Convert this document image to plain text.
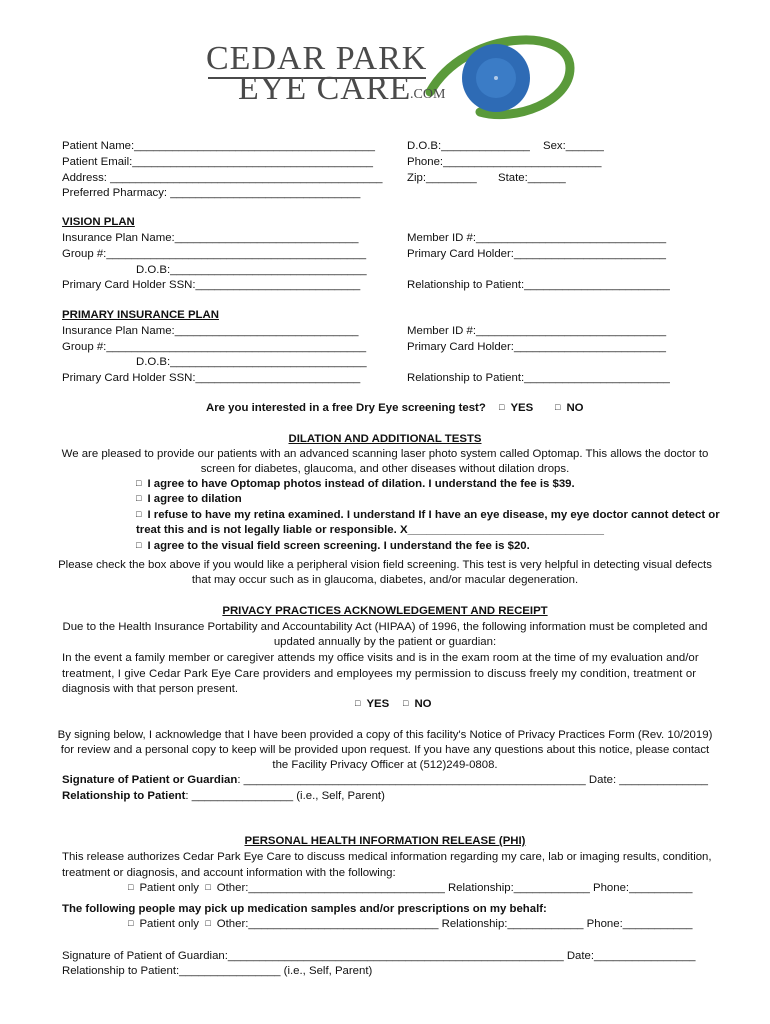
CEDAR PARK
EYE CARE
.COM
Patient Name:______________________________________
Patient Email:______________________________________
Address: ___________________________________________
Preferred Pharmacy: ______________________________
D.O.B:______________ Sex:______
Phone:_________________________
Zip:________ State:______
VISION PLAN
Insurance Plan Name:_____________________________
Group #:_________________________________________
D.O.B:_______________________________
Primary Card Holder SSN:__________________________
Member ID #:______________________________
Primary Card Holder:________________________
Relationship to Patient:_______________________
PRIMARY INSURANCE PLAN
Insurance Plan Name:_____________________________
Group #:_________________________________________
D.O.B:_______________________________
Primary Card Holder SSN:__________________________
Member ID #:______________________________
Primary Card Holder:________________________
Relationship to Patient:_______________________
Are you interested in a free Dry Eye screening test? □ YES □ NO
DILATION AND ADDITIONAL TESTS
We are pleased to provide our patients with an advanced scanning laser photo system called Optomap. This allows the doctor to
screen for diabetes, glaucoma, and other diseases without dilation drops.
□ I agree to have Optomap photos instead of dilation. I understand the fee is $39.
□ I agree to dilation
□ I refuse to have my retina examined. I understand If I have an eye disease, my eye doctor cannot detect or
treat this and is not legally liable or responsible. X_______________________________
□ I agree to the visual field screen screening. I understand the fee is $20.
Please check the box above if you would like a peripheral vision field screening. This test is very helpful in detecting visual defects
that may occur such as in glaucoma, diabetes, and/or macular degeneration.
PRIVACY PRACTICES ACKNOWLEDGEMENT AND RECEIPT
Due to the Health Insurance Portability and Accountability Act (HIPAA) of 1996, the following information must be completed and
updated annually by the patient or guardian:
In the event a family member or caregiver attends my office visits and is in the exam room at the time of my evaluation and/or
treatment, I give Cedar Park Eye Care providers and employees my permission to discuss freely my condition, treatment or
diagnosis with that person present.
□ YES □ NO
By signing below, I acknowledge that I have been provided a copy of this facility's Notice of Privacy Practices Form (Rev. 10/2019)
for review and a personal copy to keep will be provided upon request. If you have any questions about this notice, please contact
the Facility Privacy Officer at (512)249-0808.
Signature of Patient or Guardian: ______________________________________________________ Date: ______________
Relationship to Patient: ________________ (i.e., Self, Parent)
PERSONAL HEALTH INFORMATION RELEASE (PHI)
This release authorizes Cedar Park Eye Care to discuss medical information regarding my care, lab or imaging results, condition,
treatment or diagnosis, and account information with the following:
□ Patient only □ Other:_______________________________ Relationship:____________ Phone:__________
The following people may pick up medication samples and/or prescriptions on my behalf:
□ Patient only □ Other:______________________________ Relationship:____________ Phone:___________
Signature of Patient of Guardian:_____________________________________________________ Date:________________
Relationship to Patient:________________ (i.e., Self, Parent)
